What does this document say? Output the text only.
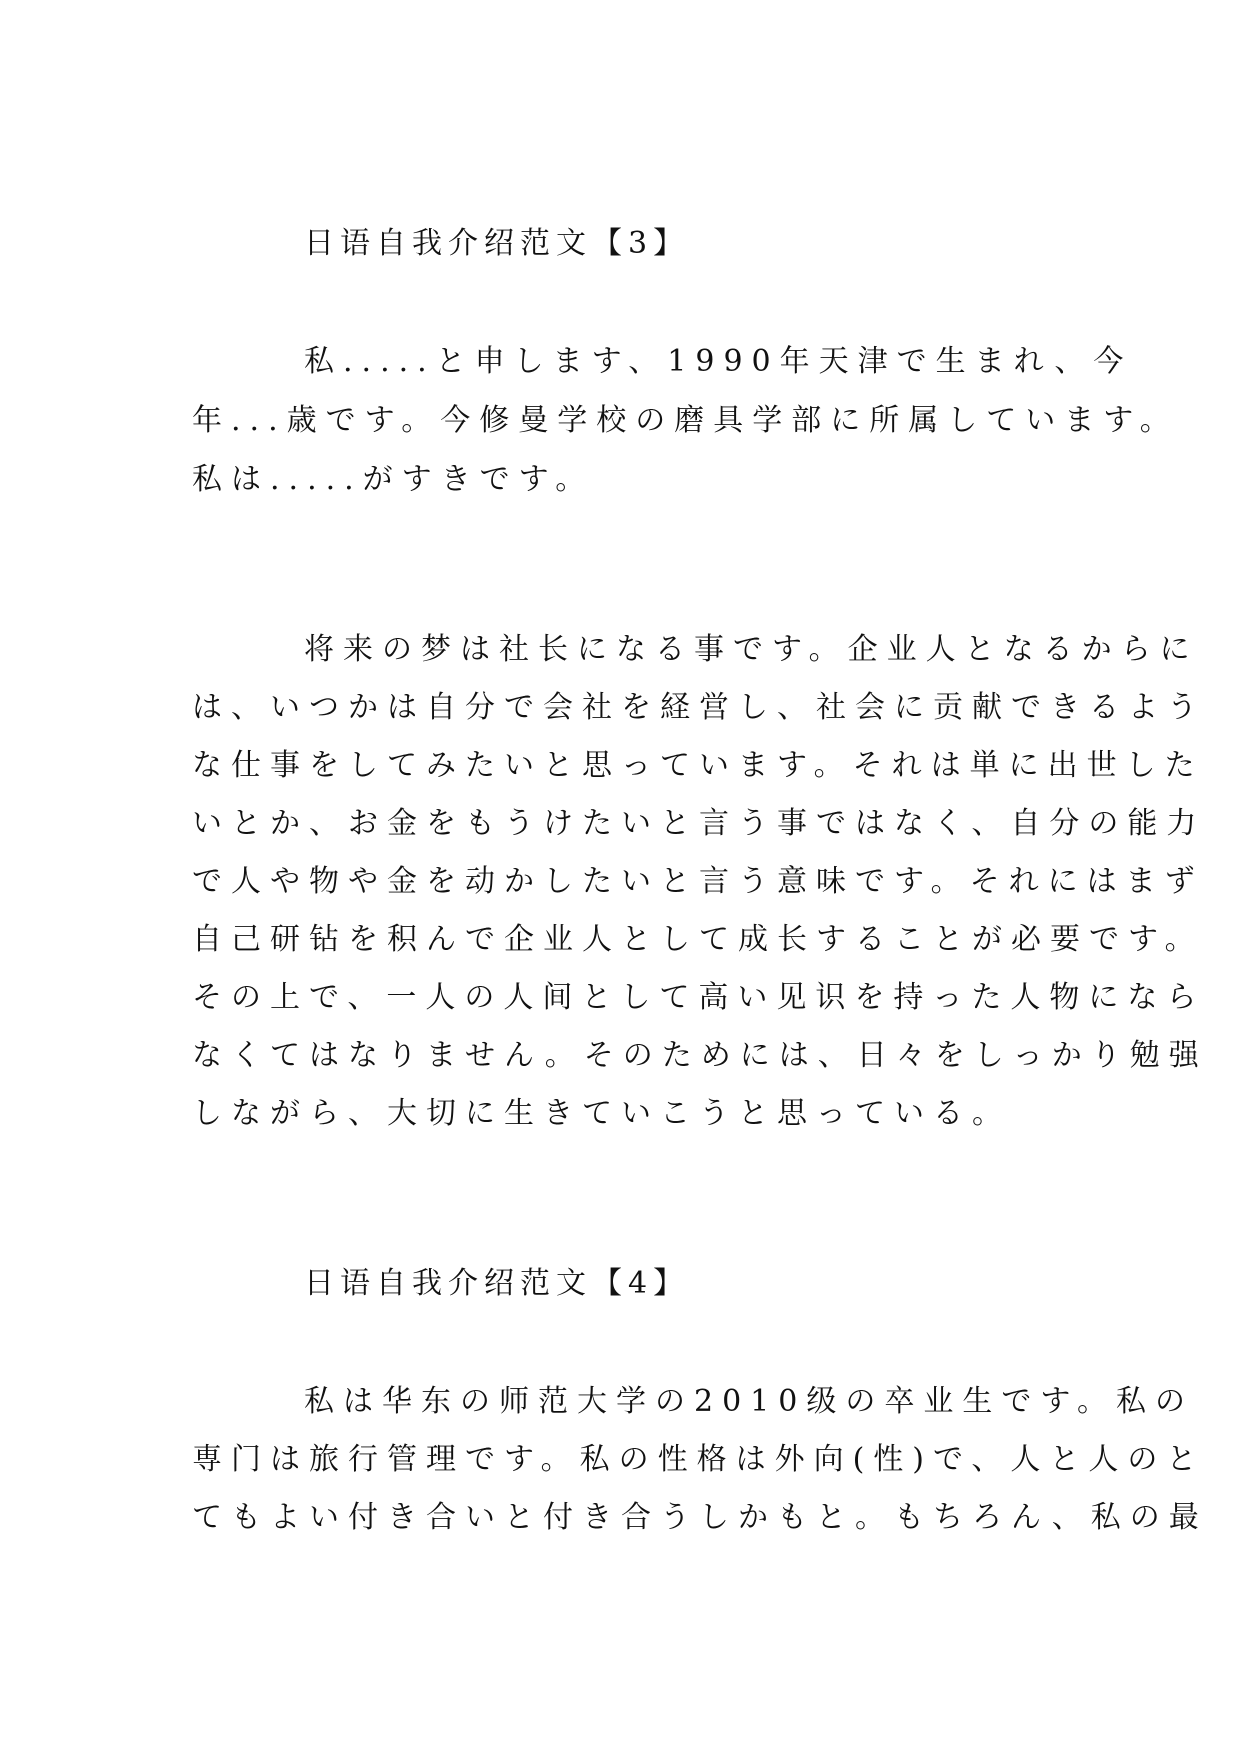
日语自我介绍范文【3】
私.....と申します、1990年天津で生まれ、今
年...歳です。今修曼学校の磨具学部に所属しています。
私は.....がすきです。
将来の梦は社长になる事です。企业人となるからに
は、いつかは自分で会社を経営し、社会に贡献できるよう
な仕事をしてみたいと思っています。それは単に出世した
いとか、お金をもうけたいと言う事ではなく、自分の能力
で人や物や金を动かしたいと言う意味です。それにはまず
自己研钻を积んで企业人として成长することが必要です。
その上で、一人の人间として高い见识を持った人物になら
なくてはなりません。そのためには、日々をしっかり勉强
しながら、大切に生きていこうと思っている。
日语自我介绍范文【4】
私は华东の师范大学の2010级の卒业生です。私の
専门は旅行管理です。私の性格は外向(性)で、人と人のと
てもよい付き合いと付き合うしかもと。もちろん、私の最
